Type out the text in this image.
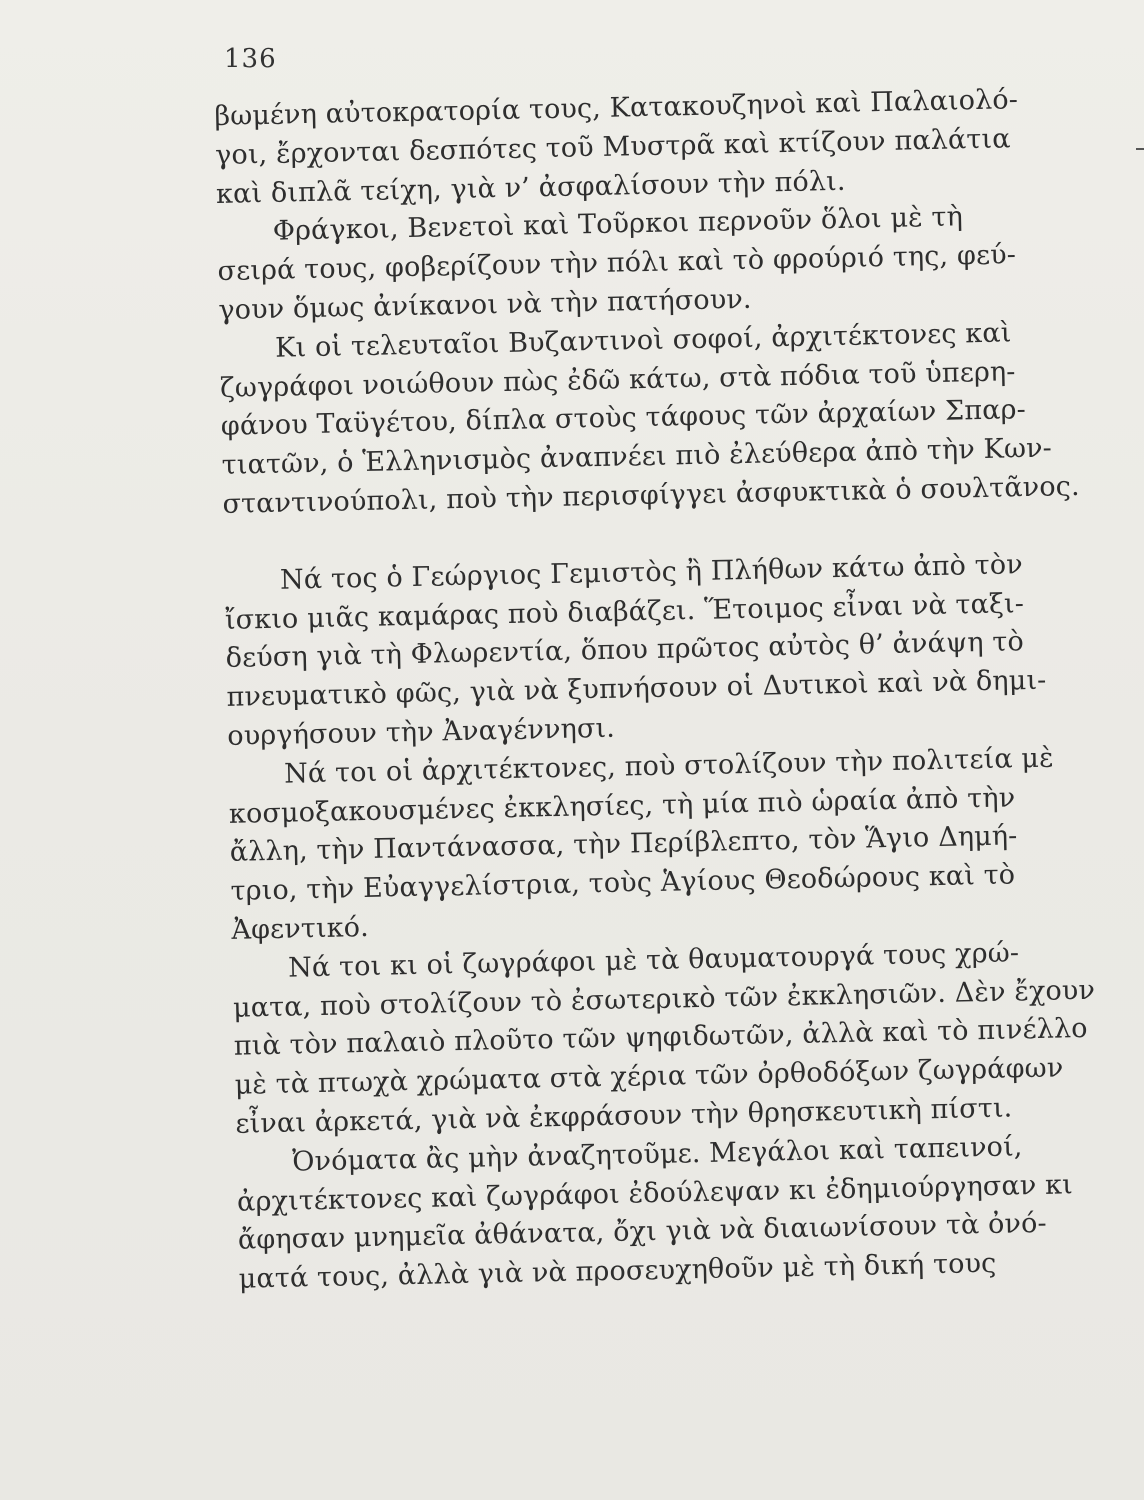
136
βωμένη αὐτοκρατορία τους, Κατακουζηνοὶ καὶ Παλαιολό-
γοι, ἔρχονται δεσπότες τοῦ Μυστρᾶ καὶ κτίζουν παλάτια
καὶ διπλᾶ τείχη, γιὰ ν’ ἀσφαλίσουν τὴν πόλι.
Φράγκοι, Βενετοὶ καὶ Τοῦρκοι περνοῦν ὅλοι μὲ τὴ
σειρά τους, φοβερίζουν τὴν πόλι καὶ τὸ φρούριό της, φεύ-
γουν ὅμως ἀνίκανοι νὰ τὴν πατήσουν.
Κι οἱ τελευταῖοι Βυζαντινοὶ σοφοί, ἀρχιτέκτονες καὶ
ζωγράφοι νοιώθουν πὼς ἐδῶ κάτω, στὰ πόδια τοῦ ὑπερη-
φάνου Ταϋγέτου, δίπλα στοὺς τάφους τῶν ἀρχαίων Σπαρ-
τιατῶν, ὁ Ἑλληνισμὸς ἀναπνέει πιὸ ἐλεύθερα ἀπὸ τὴν Κων-
σταντινούπολι, ποὺ τὴν περισφίγγει ἀσφυκτικὰ ὁ σουλτᾶνος.
Νά τος ὁ Γεώργιος Γεμιστὸς ἢ Πλήθων κάτω ἀπὸ τὸν
ἴσκιο μιᾶς καμάρας ποὺ διαβάζει. Ἕτοιμος εἶναι νὰ ταξι-
δεύση γιὰ τὴ Φλωρεντία, ὅπου πρῶτος αὐτὸς θ’ ἀνάψη τὸ
πνευματικὸ φῶς, γιὰ νὰ ξυπνήσουν οἱ Δυτικοὶ καὶ νὰ δημι-
ουργήσουν τὴν Ἀναγέννησι.
Νά τοι οἱ ἀρχιτέκτονες, ποὺ στολίζουν τὴν πολιτεία μὲ
κοσμοξακουσμένες ἐκκλησίες, τὴ μία πιὸ ὡραία ἀπὸ τὴν
ἄλλη, τὴν Παντάνασσα, τὴν Περίβλεπτο, τὸν Ἅγιο Δημή-
τριο, τὴν Εὐαγγελίστρια, τοὺς Ἁγίους Θεοδώρους καὶ τὸ
Ἀφεντικό.
Νά τοι κι οἱ ζωγράφοι μὲ τὰ θαυματουργά τους χρώ-
ματα, ποὺ στολίζουν τὸ ἐσωτερικὸ τῶν ἐκκλησιῶν. Δὲν ἔχουν
πιὰ τὸν παλαιὸ πλοῦτο τῶν ψηφιδωτῶν, ἀλλὰ καὶ τὸ πινέλλο
μὲ τὰ πτωχὰ χρώματα στὰ χέρια τῶν ὀρθοδόξων ζωγράφων
εἶναι ἀρκετά, γιὰ νὰ ἐκφράσουν τὴν θρησκευτικὴ πίστι.
Ὀνόματα ἂς μὴν ἀναζητοῦμε. Μεγάλοι καὶ ταπεινοί,
ἀρχιτέκτονες καὶ ζωγράφοι ἐδούλεψαν κι ἐδημιούργησαν κι
ἄφησαν μνημεῖα ἀθάνατα, ὄχι γιὰ νὰ διαιωνίσουν τὰ ὀνό-
ματά τους, ἀλλὰ γιὰ νὰ προσευχηθοῦν μὲ τὴ δική τους
